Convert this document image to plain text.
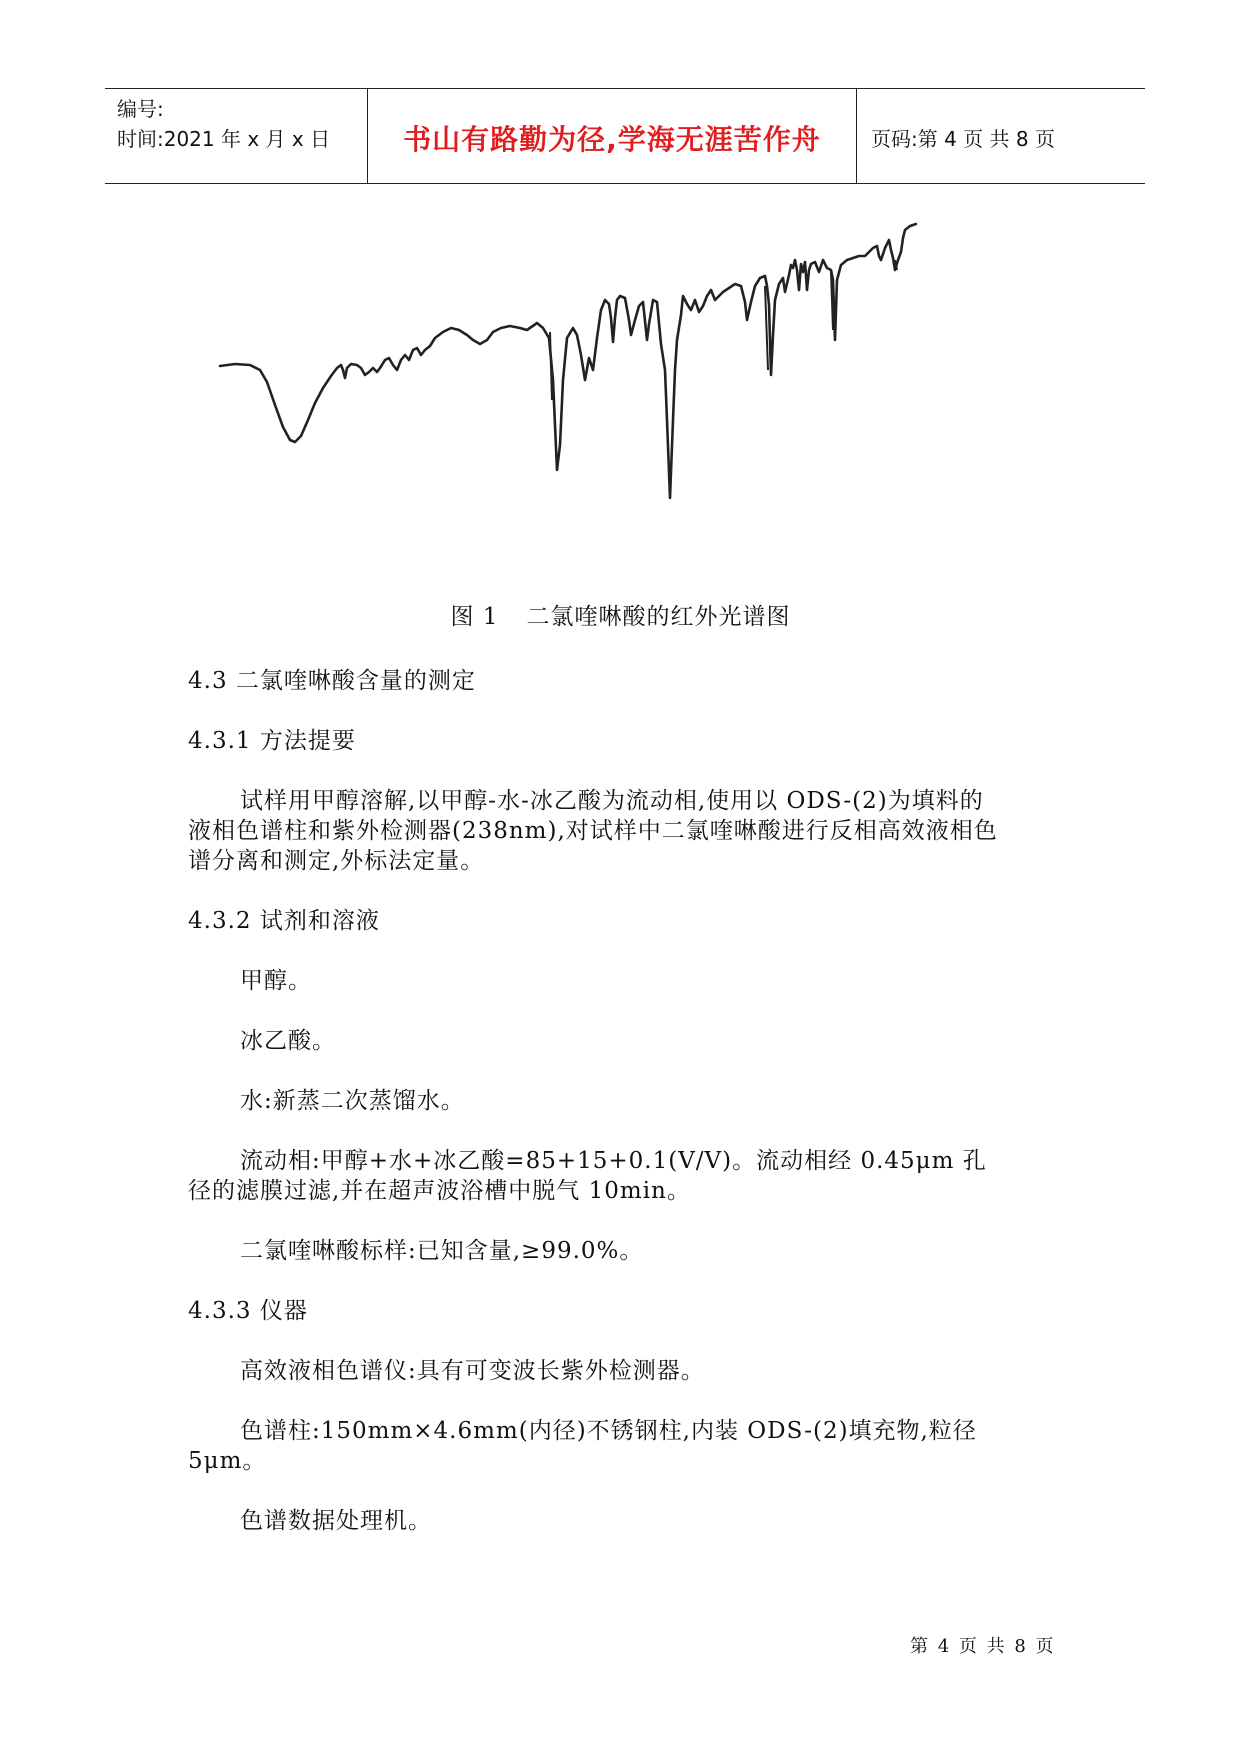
编号:
时间:2021 年 x 月 x 日	书山有路勤为径,学海无涯苦作舟	页码:第 4 页 共 8 页
图 1 二氯喹啉酸的红外光谱图
4.3 二氯喹啉酸含量的测定
4.3.1 方法提要
试样用甲醇溶解,以甲醇-水-冰乙酸为流动相,使用以 ODS-(2)为填料的
液相色谱柱和紫外检测器(238nm),对试样中二氯喹啉酸进行反相高效液相色
谱分离和测定,外标法定量。
4.3.2 试剂和溶液
甲醇。
冰乙酸。
水:新蒸二次蒸馏水。
流动相:甲醇+水+冰乙酸=85+15+0.1(V/V)。流动相经 0.45μm 孔
径的滤膜过滤,并在超声波浴槽中脱气 10min。
二氯喹啉酸标样:已知含量,≥99.0%。
4.3.3 仪器
高效液相色谱仪:具有可变波长紫外检测器。
色谱柱:150mm×4.6mm(内径)不锈钢柱,内装 ODS-(2)填充物,粒径
5μm。
色谱数据处理机。
第 4 页 共 8 页
